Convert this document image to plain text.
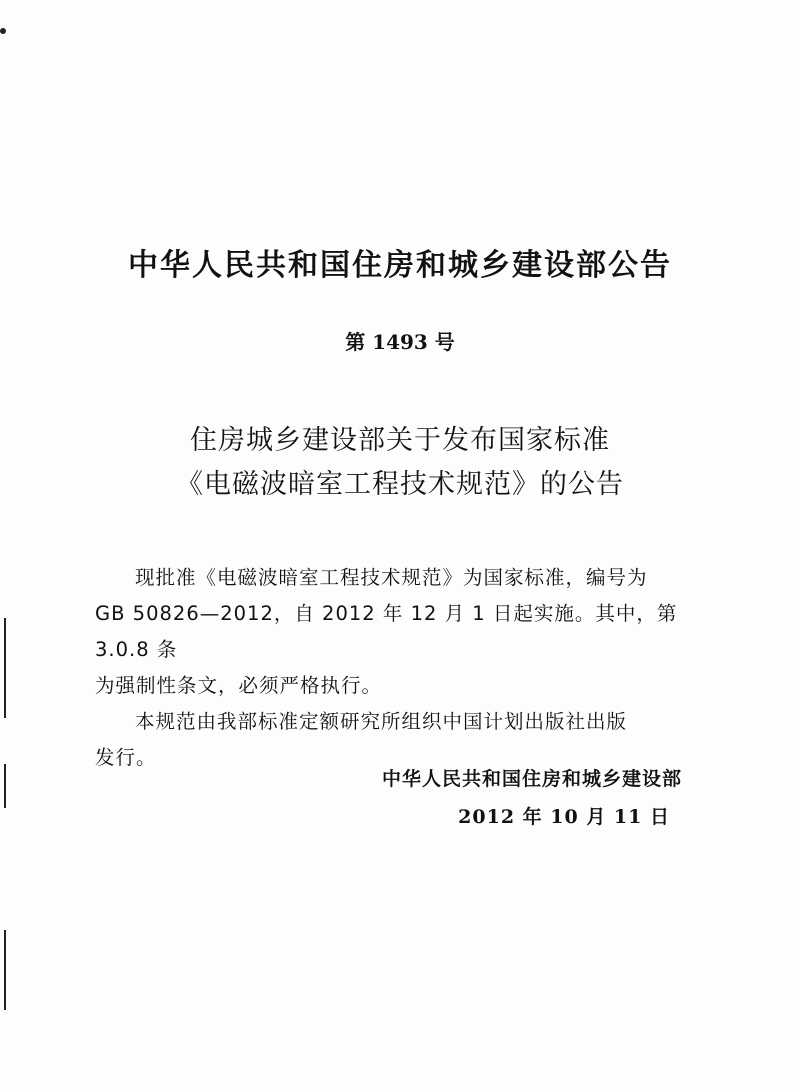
中华人民共和国住房和城乡建设部公告
第 1493 号
住房城乡建设部关于发布国家标准
《电磁波暗室工程技术规范》的公告

现批准《电磁波暗室工程技术规范》为国家标准，编号为

GB 50826—2012，自 2012 年 12 月 1 日起实施。其中，第 3.0.8 条

为强制性条文，必须严格执行。

本规范由我部标准定额研究所组织中国计划出版社出版

发行。

中华人民共和国住房和城乡建设部
2012 年 10 月 11 日
